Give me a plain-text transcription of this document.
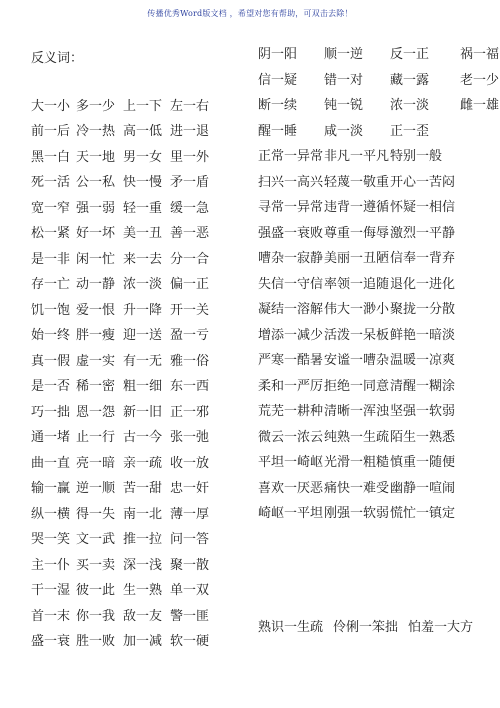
传播优秀Word版文档 ，希望对您有帮助，可双击去除！
反义词：
大一小 多一少 上一下 左一右
前一后 冷一热 高一低 进一退
黑一白 天一地 男一女 里一外
死一活 公一私 快一慢 矛一盾
宽一窄 强一弱 轻一重 缓一急
松一紧 好一坏 美一丑 善一恶
是一非 闲一忙 来一去 分一合
存一亡 动一静 浓一淡 偏一正
饥一饱 爱一恨 升一降 开一关
始一终 胖一瘦 迎一送 盈一亏
真一假 虚一实 有一无 雅一俗
是一否 稀一密 粗一细 东一西
巧一拙 恩一怨 新一旧 正一邪
通一堵 止一行 古一今 张一弛
曲一直 亮一暗 亲一疏 收一放
输一赢 逆一顺 苦一甜 忠一奸
纵一横 得一失 南一北 薄一厚
哭一笑 文一武 推一拉 问一答
主一仆 买一卖 深一浅 聚一散
干一湿 彼一此 生一熟 单一双
首一末 你一我 敌一友 警一匪
盛一衰 胜一败 加一减 软一硬
阴一阳 顺一逆 反一正 祸一福
信一疑 错一对 藏一露 老一少
断一续 钝一锐 浓一淡 雌一雄
醒一睡 咸一淡 正一歪
正常一异常非凡一平凡特别一般
扫兴一高兴轻蔑一敬重开心一苦闷
寻常一异常违背一遵循怀疑一相信
强盛一衰败尊重一侮辱激烈一平静
嘈杂一寂静美丽一丑陋信奉一背弃
失信一守信率领一追随退化一进化
凝结一溶解伟大一渺小聚拢一分散
增添一减少活泼一呆板鲜艳一暗淡
严寒一酷暑安谧一嘈杂温暖一凉爽
柔和一严厉拒绝一同意清醒一糊涂
荒芜一耕种清晰一浑浊坚强一软弱
微云一浓云纯熟一生疏陌生一熟悉
平坦一崎岖光滑一粗糙慎重一随便
喜欢一厌恶痛快一难受幽静一喧闹
崎岖一平坦刚强一软弱慌忙一镇定
熟识一生疏 伶俐一笨拙 怕羞一大方
